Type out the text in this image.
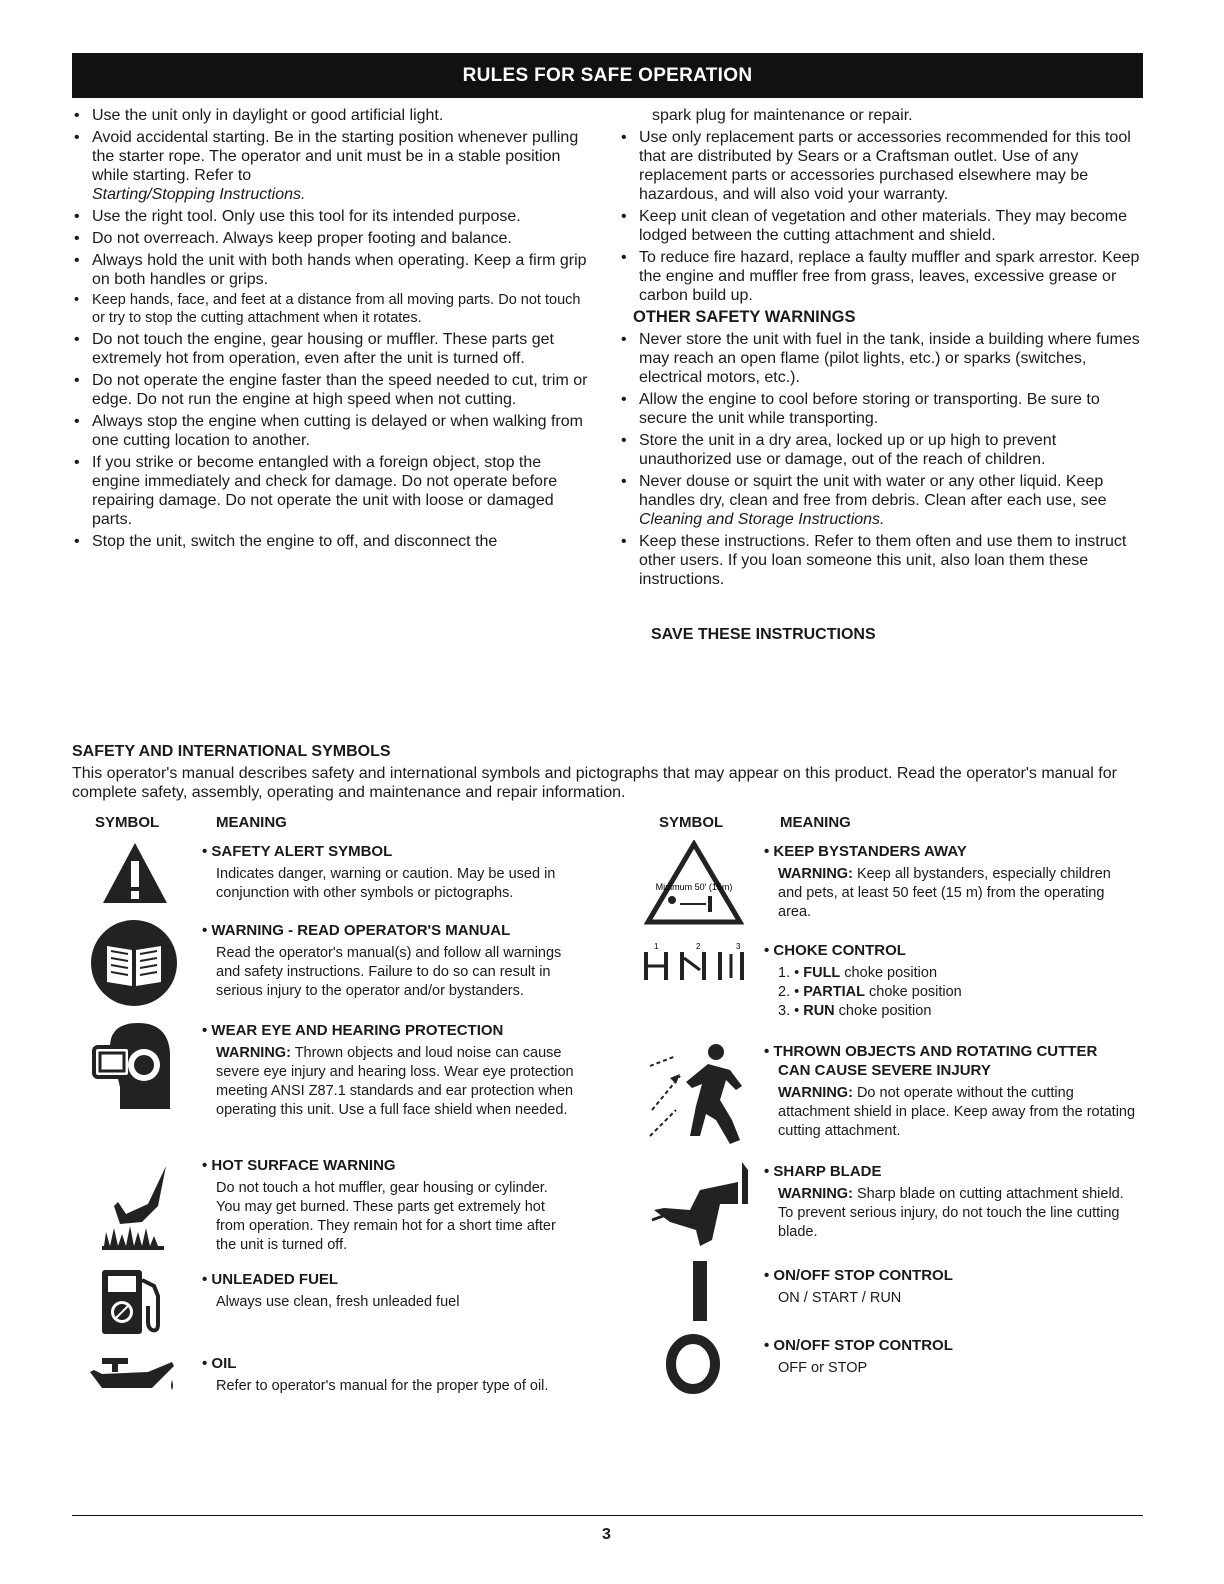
RULES FOR SAFE OPERATION
• Use the unit only in daylight or good artificial light.
• Avoid accidental starting. Be in the starting position whenever pulling the starter rope. The operator and unit must be in a stable position while starting. Refer to
Starting/Stopping Instructions.
• Use the right tool. Only use this tool for its intended purpose.
• Do not overreach. Always keep proper footing and balance.
• Always hold the unit with both hands when operating. Keep a firm grip on both handles or grips.
• Keep hands, face, and feet at a distance from all moving parts. Do not touch or try to stop the cutting attachment when it rotates.
• Do not touch the engine, gear housing or muffler. These parts get extremely hot from operation, even after the unit is turned off.
• Do not operate the engine faster than the speed needed to cut, trim or edge. Do not run the engine at high speed when not cutting.
• Always stop the engine when cutting is delayed or when walking from one cutting location to another.
• If you strike or become entangled with a foreign object, stop the engine immediately and check for damage. Do not operate before repairing damage. Do not operate the unit with loose or damaged parts.
• Stop the unit, switch the engine to off, and disconnect the
spark plug for maintenance or repair.
• Use only replacement parts or accessories recommended for this tool that are distributed by Sears or a Craftsman outlet. Use of any replacement parts or accessories purchased elsewhere may be hazardous, and will also void your warranty.
• Keep unit clean of vegetation and other materials. They may become lodged between the cutting attachment and shield.
• To reduce fire hazard, replace a faulty muffler and spark arrestor. Keep the engine and muffler free from grass, leaves, excessive grease or carbon build up.
OTHER SAFETY WARNINGS
• Never store the unit with fuel in the tank, inside a building where fumes may reach an open flame (pilot lights, etc.) or sparks (switches, electrical motors, etc.).
• Allow the engine to cool before storing or transporting. Be sure to secure the unit while transporting.
• Store the unit in a dry area, locked up or up high to prevent unauthorized use or damage, out of the reach of children.
• Never douse or squirt the unit with water or any other liquid. Keep handles dry, clean and free from debris. Clean after each use, see Cleaning and Storage Instructions.
• Keep these instructions. Refer to them often and use them to instruct other users. If you loan someone this unit, also loan them these instructions.
SAVE THESE INSTRUCTIONS
SAFETY AND INTERNATIONAL SYMBOLS
This operator's manual describes safety and international symbols and pictographs that may appear on this product. Read the operator's manual for complete safety, assembly, operating and maintenance and repair information.
SYMBOL	MEANING	SYMBOL	MEANING
• SAFETY ALERT SYMBOL
Indicates danger, warning or caution. May be used in conjunction with other symbols or pictographs.
• WARNING - READ OPERATOR'S MANUAL
Read the operator's manual(s) and follow all warnings and safety instructions. Failure to do so can result in serious injury to the operator and/or bystanders.
• WEAR EYE AND HEARING PROTECTION
WARNING: Thrown objects and loud noise can cause severe eye injury and hearing loss. Wear eye protection meeting ANSI Z87.1 standards and ear protection when operating this unit. Use a full face shield when needed.
• HOT SURFACE WARNING
Do not touch a hot muffler, gear housing or cylinder. You may get burned. These parts get extremely hot from operation. They remain hot for a short time after the unit is turned off.
• UNLEADED FUEL
Always use clean, fresh unleaded fuel
• OIL
Refer to operator's manual for the proper type of oil.
Minimum 50' (15m)
• KEEP BYSTANDERS AWAY
WARNING: Keep all bystanders, especially children and pets, at least 50 feet (15 m) from the operating area.
1	2	3
•	CHOKE CONTROL
1. • FULL choke position
2. • PARTIAL choke position
3. • RUN choke position
• THROWN OBJECTS AND ROTATING CUTTER
CAN CAUSE SEVERE INJURY
WARNING: Do not operate without the cutting attachment shield in place. Keep away from the rotating cutting attachment.
• SHARP BLADE
WARNING: Sharp blade on cutting attachment shield. To prevent serious injury, do not touch the line cutting blade.
• ON/OFF STOP CONTROL
ON / START / RUN
• ON/OFF STOP CONTROL
OFF or STOP
3
